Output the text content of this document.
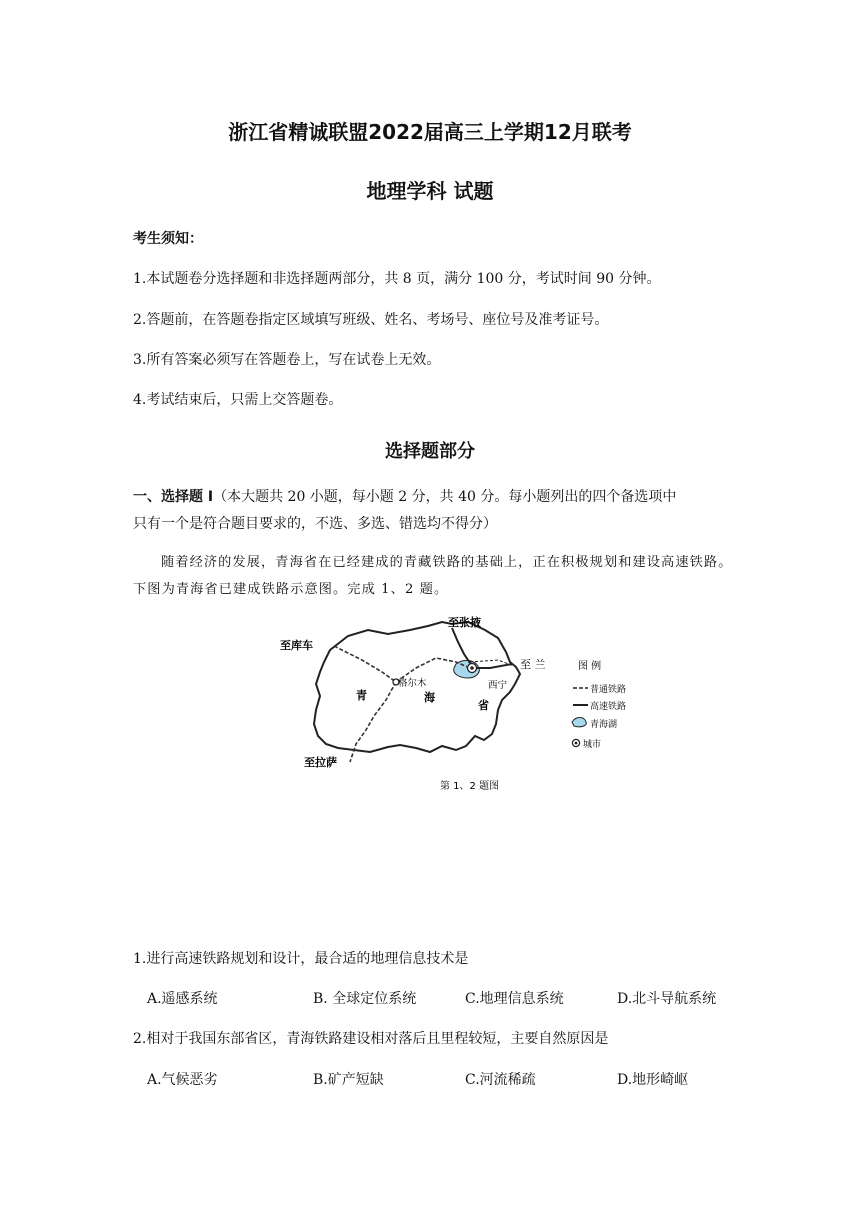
浙江省精诚联盟2022届高三上学期12月联考
地理学科 试题
考生须知：
1.本试题卷分选择题和非选择题两部分，共 8 页，满分 100 分，考试时间 90 分钟。
2.答题前，在答题卷指定区域填写班级、姓名、考场号、座位号及准考证号。
3.所有答案必须写在答题卷上，写在试卷上无效。
4.考试结束后，只需上交答题卷。
选择题部分
一、选择题 I（本大题共 20 小题，每小题 2 分，共 40 分。每小题列出的四个备选项中
只有一个是符合题目要求的，不选、多选、错选均不得分）
随着经济的发展，青海省在已经建成的青藏铁路的基础上，正在积极规划和建设高速铁路。下图为青海省已建成铁路示意图。完成 1、2 题。
至张掖
至库车
至 兰
至拉萨
格尔木	西宁
青	海
省
图 例
普通铁路
高速铁路
青海湖
城市
第 1、2 题图
1.进行高速铁路规划和设计，最合适的地理信息技术是
A.遥感系统	B. 全球定位系统	C.地理信息系统	D.北斗导航系统
2.相对于我国东部省区，青海铁路建设相对落后且里程较短，主要自然原因是
A.气候恶劣	B.矿产短缺	C.河流稀疏	D.地形崎岖
